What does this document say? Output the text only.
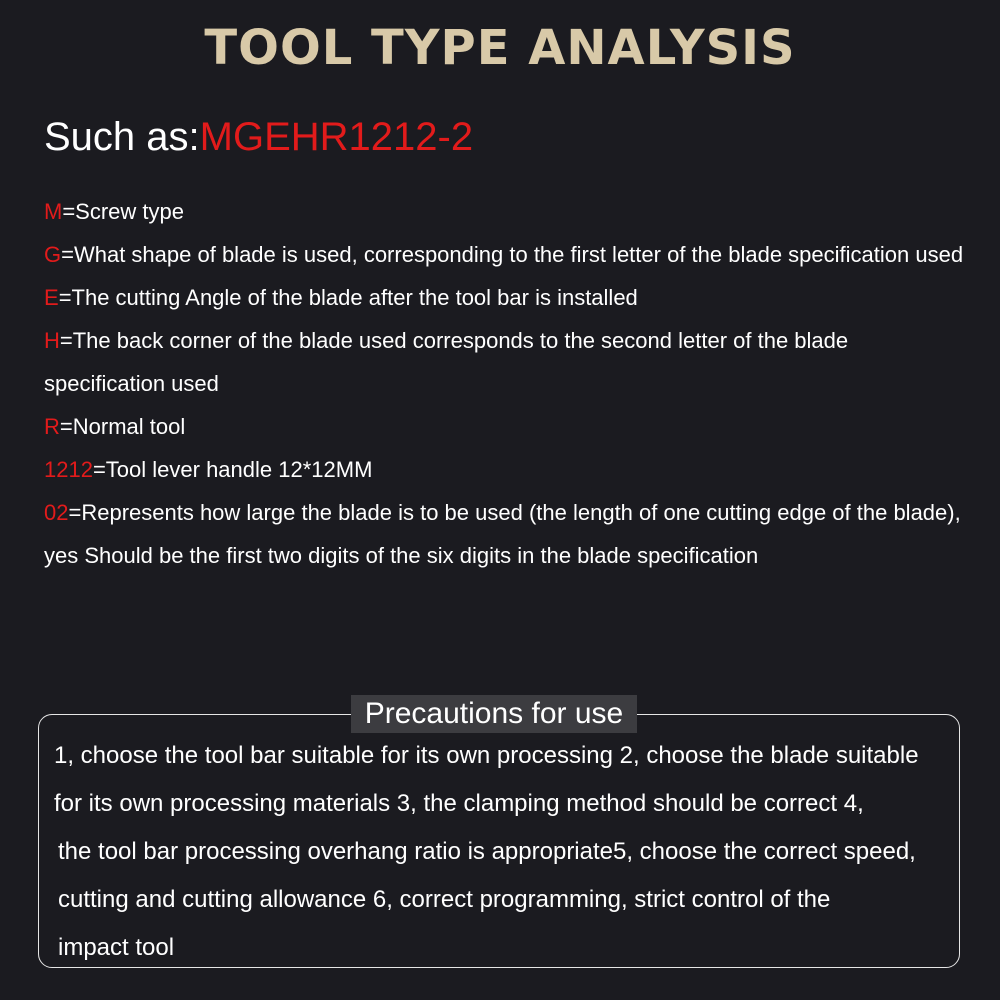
TOOL TYPE ANALYSIS
Such as:MGEHR1212-2
M=Screw type
G=What shape of blade is used, corresponding to the first letter of the blade specification used
E=The cutting Angle of the blade after the tool bar is installed
H=The back corner of the blade used corresponds to the second letter of the blade specification used
R=Normal tool
1212=Tool lever handle 12*12MM
02=Represents how large the blade is to be used (the length of one cutting edge of the blade), yes Should be the first two digits of the six digits in the blade specification
Precautions for use
1, choose the tool bar suitable for its own processing 2, choose the blade suitable
for its own processing materials 3, the clamping method should be correct 4,
the tool bar processing overhang ratio is appropriate5, choose the correct speed,
cutting and cutting allowance 6, correct programming, strict control of the
impact tool
